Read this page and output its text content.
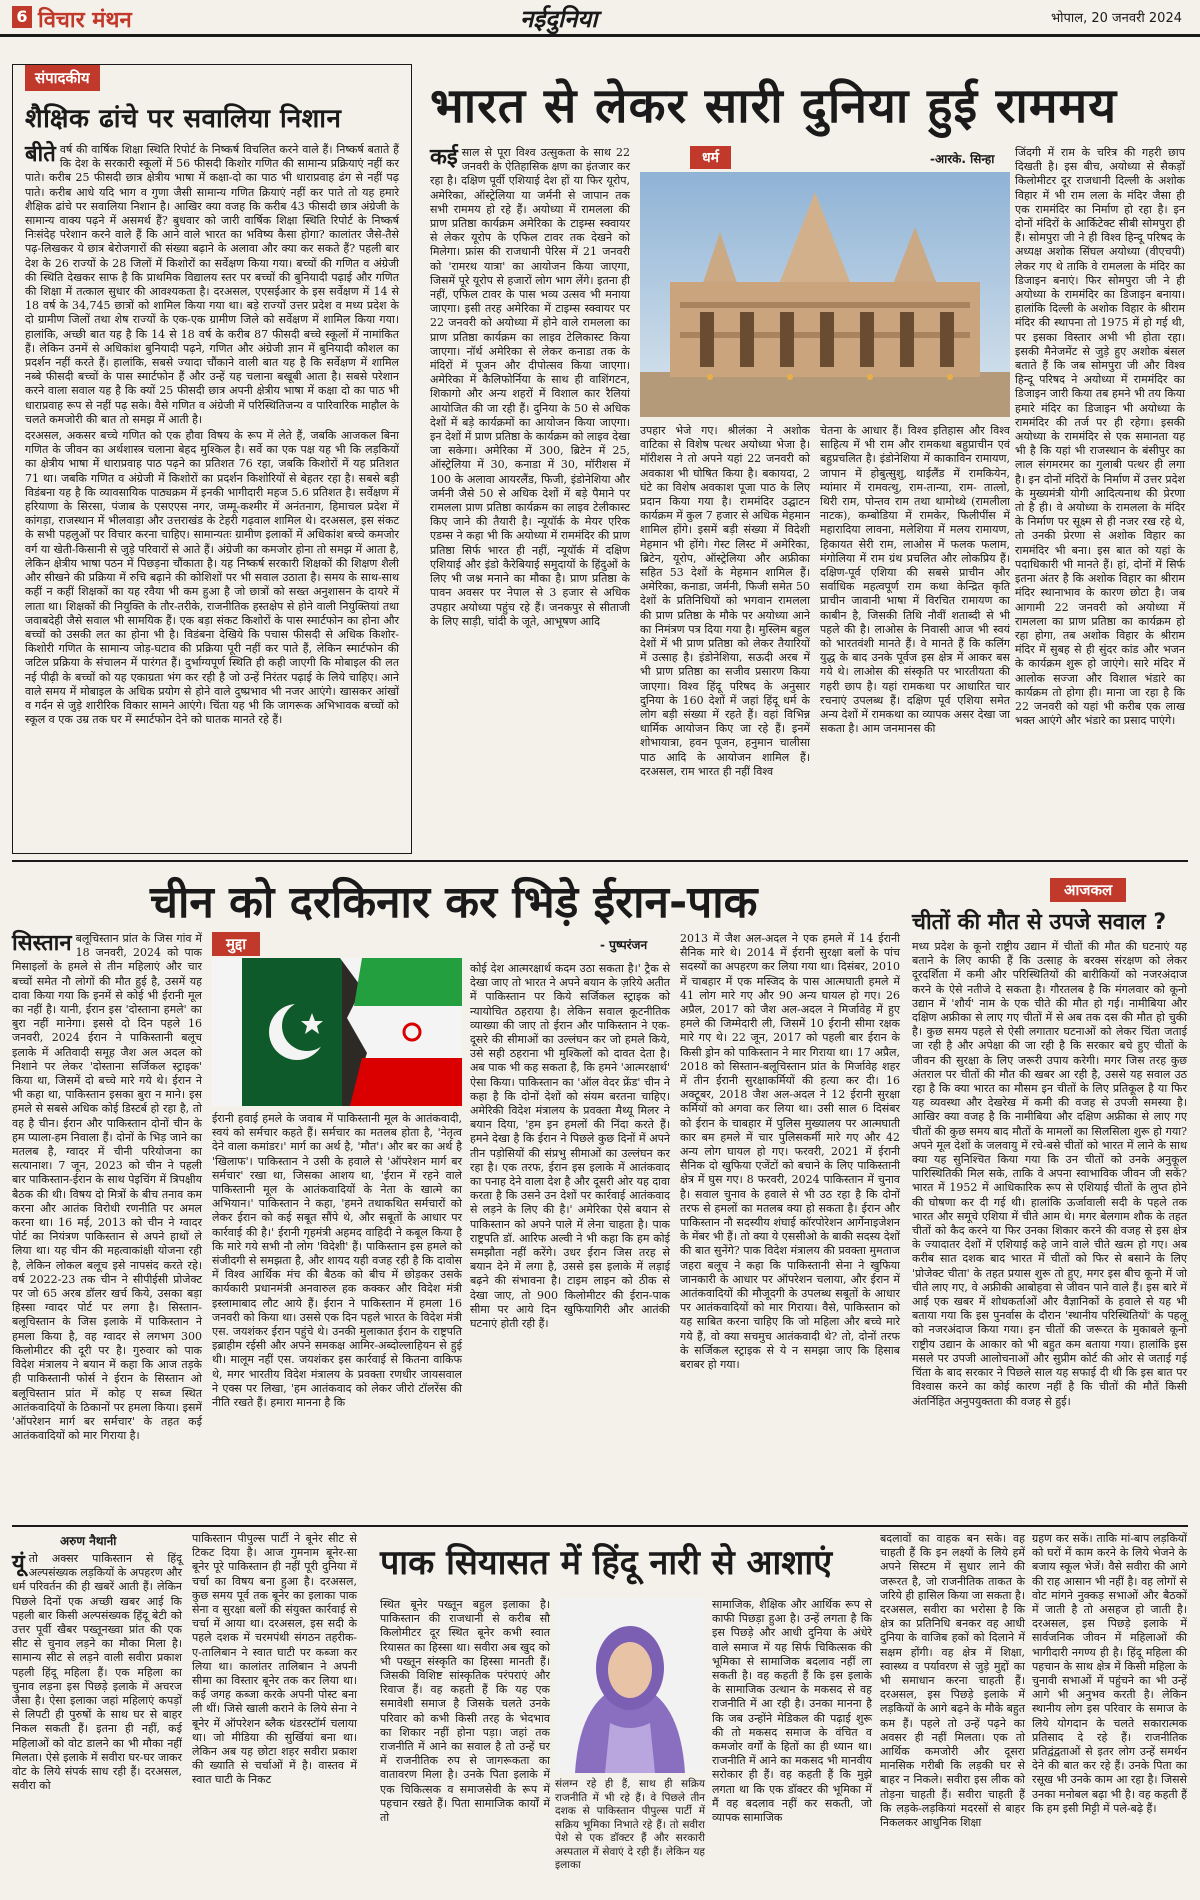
6 विचार मंथन	नईदुनिया	भोपाल, 20 जनवरी 2024
संपादकीय
शैक्षिक ढांचे पर सवालिया निशान
बीते वर्ष की वार्षिक शिक्षा स्थिति रिपोर्ट के निष्कर्ष विचलित करने वाले हैं। निष्कर्ष बताते हैं कि देश के सरकारी स्कूलों में 56 फीसदी किशोर गणित की सामान्य प्रक्रियाएं नहीं कर पाते। करीब 25 फीसदी छात्र क्षेत्रीय भाषा में कक्षा-दो का पाठ भी धाराप्रवाह ढंग से नहीं पढ़ पाते। करीब आधे यदि भाग व गुणा जैसी सामान्य गणित क्रियाएं नहीं कर पाते तो यह हमारे शैक्षिक ढांचे पर सवालिया निशान है। आखिर क्या वजह कि करीब 43 फीसदी छात्र अंग्रेजी के सामान्य वाक्य पढ़ने में असमर्थ हैं? बुधवार को जारी वार्षिक शिक्षा स्थिति रिपोर्ट के निष्कर्ष निःसंदेह परेशान करने वाले हैं कि आने वाले भारत का भविष्य कैसा होगा? कालांतर जैसे-तैसे पढ़-लिखकर ये छात्र बेरोजगारों की संख्या बढ़ाने के अलावा और क्या कर सकते हैं? पहली बार देश के 26 राज्यों के 28 जिलों में किशोरों का सर्वेक्षण किया गया। बच्चों की गणित व अंग्रेजी की स्थिति देखकर साफ है कि प्राथमिक विद्यालय स्तर पर बच्चों की बुनियादी पढ़ाई और गणित की शिक्षा में तत्काल सुधार की आवश्यकता है। दरअसल, एएसईआर के इस सर्वेक्षण में 14 से 18 वर्ष के 34,745 छात्रों को शामिल किया गया था। बड़े राज्यों उत्तर प्रदेश व मध्य प्रदेश के दो ग्रामीण जिलों तथा शेष राज्यों के एक-एक ग्रामीण जिले को सर्वेक्षण में शामिल किया गया। हालांकि, अच्छी बात यह है कि 14 से 18 वर्ष के करीब 87 फीसदी बच्चे स्कूलों में नामांकित हैं। लेकिन उनमें से अधिकांश बुनियादी पढ़ने, गणित और अंग्रेजी ज्ञान में बुनियादी कौशल का प्रदर्शन नहीं करते हैं। हालांकि, सबसे ज्यादा चौंकाने वाली बात यह है कि सर्वेक्षण में शामिल नब्बे फीसदी बच्चों के पास स्मार्टफोन हैं और उन्हें यह चलाना बखूबी आता है। सबसे परेशान करने वाला सवाल यह है कि क्यों 25 फीसदी छात्र अपनी क्षेत्रीय भाषा में कक्षा दो का पाठ भी धाराप्रवाह रूप से नहीं पढ़ सके। वैसे गणित व अंग्रेजी में परिस्थितिजन्य व पारिवारिक माहौल के चलते कमजोरी की बात तो समझ में आती है।

दरअसल, अकसर बच्चे गणित को एक हौवा विषय के रूप में लेते हैं, जबकि आजकल बिना गणित के जीवन का अर्थशास्त्र चलाना बेहद मुश्किल है। सर्वे का एक पक्ष यह भी कि लड़कियों का क्षेत्रीय भाषा में धाराप्रवाह पाठ पढ़ने का प्रतिशत 76 रहा, जबकि किशोरों में यह प्रतिशत 71 था। जबकि गणित व अंग्रेजी में किशोरों का प्रदर्शन किशोरियों से बेहतर रहा है। सबसे बड़ी विडंबना यह है कि व्यावसायिक पाठ्यक्रम में इनकी भागीदारी महज 5.6 प्रतिशत है। सर्वेक्षण में हरियाणा के सिरसा, पंजाब के एसएएस नगर, जम्मू-कश्मीर में अनंतनाग, हिमाचल प्रदेश में कांगड़ा, राजस्थान में भीलवाड़ा और उत्तराखंड के टेहरी गढ़वाल शामिल थे। दरअसल, इस संकट के सभी पहलुओं पर विचार करना चाहिए। सामान्यतः ग्रामीण इलाकों में अधिकांश बच्चे कमजोर वर्ग या खेती-किसानी से जुड़े परिवारों से आते हैं। अंग्रेजी का कमजोर होना तो समझ में आता है, लेकिन क्षेत्रीय भाषा पठन में पिछड़ना चौंकाता है। यह निष्कर्ष सरकारी शिक्षकों की शिक्षण शैली और सीखने की प्रक्रिया में रुचि बढ़ाने की कोशिशों पर भी सवाल उठाता है। समय के साथ-साथ कहीं न कहीं शिक्षकों का यह रवैया भी कम हुआ है जो छात्रों को सख्त अनुशासन के दायरे में लाता था। शिक्षकों की नियुक्ति के तौर-तरीके, राजनीतिक हस्तक्षेप से होने वाली नियुक्तियां तथा जवाबदेही जैसे सवाल भी सामयिक हैं। एक बड़ा संकट किशोरों के पास स्मार्टफोन का होना और बच्चों को उसकी लत का होना भी है। विडंबना देखिये कि पचास फीसदी से अधिक किशोर-किशोरी गणित के सामान्य जोड़-घटाव की प्रक्रिया पूरी नहीं कर पाते हैं, लेकिन स्मार्टफोन की जटिल प्रक्रिया के संचालन में पारंगत हैं। दुर्भाग्यपूर्ण स्थिति ही कही जाएगी कि मोबाइल की लत नई पीढ़ी के बच्चों को यह एकाग्रता भंग कर रही है जो उन्हें निरंतर पढ़ाई के लिये चाहिए। आने वाले समय में मोबाइल के अधिक प्रयोग से होने वाले दुष्प्रभाव भी नजर आएंगे। खासकर आंखों व गर्दन से जुड़े शारीरिक विकार सामने आएंगे। चिंता यह भी कि जागरूक अभिभावक बच्चों को स्कूल व एक उम्र तक घर में स्मार्टफोन देने को घातक मानते रहे हैं।

भारत से लेकर सारी दुनिया हुई राममय
धर्म	-आरके. सिन्हा
कई साल से पूरा विश्व उत्सुकता के साथ 22 जनवरी के ऐतिहासिक क्षण का इंतजार कर रहा है। दक्षिण पूर्वी एशियाई देश हों या फिर यूरोप, अमेरिका, ऑस्ट्रेलिया या जर्मनी से जापान तक सभी राममय हो रहे हैं। अयोध्या में रामलला की प्राण प्रतिष्ठा कार्यक्रम अमेरिका के टाइम्स स्क्वायर से लेकर यूरोप के एफिल टावर तक देखने को मिलेगा। फ्रांस की राजधानी पेरिस में 21 जनवरी को 'रामरथ यात्रा' का आयोजन किया जाएगा, जिसमें पूरे यूरोप से हजारों लोग भाग लेंगे। इतना ही नहीं, एफिल टावर के पास भव्य उत्सव भी मनाया जाएगा। इसी तरह अमेरिका में टाइम्स स्क्वायर पर 22 जनवरी को अयोध्या में होने वाले रामलला का प्राण प्रतिष्ठा कार्यक्रम का लाइव टेलिकास्ट किया जाएगा। नॉर्थ अमेरिका से लेकर कनाडा तक के मंदिरों में पूजन और दीपोत्सव किया जाएगा। अमेरिका में कैलिफोर्निया के साथ ही वाशिंगटन, शिकागो और अन्य शहरों में विशाल कार रैलियां आयोजित की जा रही हैं। दुनिया के 50 से अधिक देशों में बड़े कार्यक्रमों का आयोजन किया जाएगा। इन देशों में प्राण प्रतिष्ठा के कार्यक्रम को लाइव देखा जा सकेगा। अमेरिका में 300, ब्रिटेन में 25, ऑस्ट्रेलिया में 30, कनाडा में 30, मॉरीशस में 100 के अलावा आयरलैंड, फिजी, इंडोनेशिया और जर्मनी जैसे 50 से अधिक देशों में बड़े पैमाने पर रामलला प्राण प्रतिष्ठा कार्यक्रम का लाइव टेलीकास्ट किए जाने की तैयारी है। न्यूयॉर्क के मेयर एरिक एडम्स ने कहा भी कि अयोध्या में राममंदिर की प्राण प्रतिष्ठा सिर्फ भारत ही नहीं, न्यूयॉर्क में दक्षिण एशियाई और इंडो कैरेबियाई समुदायों के हिंदुओं के लिए भी जश्न मनाने का मौका है। प्राण प्रतिष्ठा के पावन अवसर पर नेपाल से 3 हजार से अधिक उपहार अयोध्या पहुंच रहे हैं। जनकपुर से सीताजी के लिए साड़ी, चांदी के जूते, आभूषण आदि
उपहार भेजे गए। श्रीलंका ने अशोक वाटिका से विशेष पत्थर अयोध्या भेजा है। मॉरीशस ने तो अपने यहां 22 जनवरी को अवकाश भी घोषित किया है। बकायदा, 2 घंटे का विशेष अवकाश पूजा पाठ के लिए प्रदान किया गया है। राममंदिर उद्घाटन कार्यक्रम में कुल 7 हजार से अधिक मेहमान शामिल होंगे। इसमें बड़ी संख्या में विदेशी मेहमान भी होंगे। गेस्ट लिस्ट में अमेरिका, ब्रिटेन, यूरोप, ऑस्ट्रेलिया और अफ्रीका सहित 53 देशों के मेहमान शामिल हैं। अमेरिका, कनाडा, जर्मनी, फिजी समेत 50 देशों के प्रतिनिधियों को भगवान रामलला की प्राण प्रतिष्ठा के मौके पर अयोध्या आने का निमंत्रण पत्र दिया गया है। मुस्लिम बहुल देशों में भी प्राण प्रतिष्ठा को लेकर तैयारियों में उत्साह है। इंडोनेशिया, सऊदी अरब में भी प्राण प्रतिष्ठा का सजीव प्रसारण किया जाएगा। विश्व हिंदू परिषद के अनुसार दुनिया के 160 देशों में जहां हिंदू धर्म के लोग बड़ी संख्या में रहते हैं। वहां विभिन्न धार्मिक आयोजन किए जा रहे हैं। इनमें शोभायात्रा, हवन पूजन, हनुमान चालीसा पाठ आदि के आयोजन शामिल हैं। दरअसल, राम भारत ही नहीं विश्व
चेतना के आधार हैं। विश्व इतिहास और विश्व साहित्य में भी राम और रामकथा बहुप्राचीन एवं बहुप्रचलित है। इंडोनेशिया में काकाविन रामायण, जापान में होबुत्सुशु, थाईलैंड में रामकियेन, म्यांमार में रामवत्थु, राम-तान्या, राम- तात्लो, थिरी राम, पोन्तव राम तथा थामोथ्थे (रामलीला नाटक), कम्बोडिया में रामकेर, फिलीपींस में महारादिया लावना, मलेशिया में मलय रामायण, हिकायत सेरी राम, लाओस में फलक फलाम, मंगोलिया में राम ग्रंथ प्रचलित और लोकप्रिय हैं। दक्षिण-पूर्व एशिया की सबसे प्राचीन और सर्वाधिक महत्वपूर्ण राम कथा केन्द्रित कृति प्राचीन जावानी भाषा में विरचित रामायण का काबीन है, जिसकी तिथि नौवीं शताब्दी से भी पहले की है। लाओस के निवासी आज भी स्वयं को भारतवंशी मानते हैं। वे मानते हैं कि कलिंग युद्ध के बाद उनके पूर्वज इस क्षेत्र में आकर बस गये थे। लाओस की संस्कृति पर भारतीयता की गहरी छाप है। यहां रामकथा पर आधारित चार रचनाएं उपलब्ध हैं। दक्षिण पूर्व एशिया समेत अन्य देशों में रामकथा का व्यापक असर देखा जा सकता है। आम जनमानस की
जिंदगी में राम के चरित्र की गहरी छाप दिखती है। इस बीच, अयोध्या से सैकड़ों किलोमीटर दूर राजधानी दिल्ली के अशोक विहार में भी राम लला के मंदिर जैसा ही एक राममंदिर का निर्माण हो रहा है। इन दोनों मंदिरों के आर्किटेक्ट सीबी सोमपुरा ही हैं। सोमपुरा जी ने ही विश्व हिन्दू परिषद के अध्यक्ष अशोक सिंघल अयोध्या (वीएचपी) लेकर गए थे ताकि वे रामलला के मंदिर का डिजाइन बनाएं। फिर सोमपुरा जी ने ही अयोध्या के राममंदिर का डिजाइन बनाया। हालांकि दिल्ली के अशोक विहार के श्रीराम मंदिर की स्थापना तो 1975 में हो गई थी, पर इसका विस्तार अभी भी होता रहा। इसकी मैनेजमेंट से जुड़े हुए अशोक बंसल बताते हैं कि जब सोमपुरा जी और विश्व हिन्दू परिषद ने अयोध्या में राममंदिर का डिजाइन जारी किया तब हमने भी तय किया हमारे मंदिर का डिजाइन भी अयोध्या के राममंदिर की तर्ज पर ही रहेगा। इसकी अयोध्या के राममंदिर से एक समानता यह भी है कि यहां भी राजस्थान के बंसीपुर का लाल संगमरमर का गुलाबी पत्थर ही लगा है। इन दोनों मंदिरों के निर्माण में उत्तर प्रदेश के मुख्यमंत्री योगी आदित्यनाथ की प्रेरणा तो है ही। वे अयोध्या के रामलला के मंदिर के निर्माण पर सूक्ष्म से ही नजर रख रहे थे, तो उनकी प्रेरणा से अशोक विहार का राममंदिर भी बना। इस बात को यहां के पदाधिकारी भी मानते हैं। हां, दोनों में सिर्फ इतना अंतर है कि अशोक विहार का श्रीराम मंदिर स्थानाभाव के कारण छोटा है। जब आगामी 22 जनवरी को अयोध्या में रामलला का प्राण प्रतिष्ठा का कार्यक्रम हो रहा होगा, तब अशोक विहार के श्रीराम मंदिर में सुबह से ही सुंदर कांड और भजन के कार्यक्रम शुरू हो जाएंगे। सारे मंदिर में आलोक सज्जा और विशाल भंडारे का कार्यक्रम तो होगा ही। माना जा रहा है कि 22 जनवरी को यहां भी करीब एक लाख भक्त आएंगे और भंडारे का प्रसाद पाएंगे।
चीन को दरकिनार कर भिड़े ईरान-पाक
सिस्तान बलूचिस्तान प्रांत के जिस गांव में 18 जनवरी, 2024 को पाक मिसाइलों के हमले से तीन महिलाएं और चार बच्चों समेत नौ लोगों की मौत हुई है, उसमें यह दावा किया गया कि इनमें से कोई भी ईरानी मूल का नहीं है। यानी, ईरान इस 'दोस्ताना हमले' का बुरा नहीं मानेगा। इससे दो दिन पहले 16 जनवरी, 2024 ईरान ने पाकिस्तानी बलूच इलाके में अतिवादी समूह जैश अल अदल को निशाने पर लेकर 'दोस्ताना सर्जिकल स्ट्राइक' किया था, जिसमें दो बच्चे मारे गये थे। ईरान ने भी कहा था, पाकिस्तान इसका बुरा न माने। इस हमले से सबसे अधिक कोई डिस्टर्ब हो रहा है, तो वह है चीन। ईरान और पाकिस्तान दोनों चीन के हम प्याला-हम निवाला हैं। दोनों के भिड़ जाने का मतलब है, ग्वादर में चीनी परियोजना का सत्यानाश। 7 जून, 2023 को चीन ने पहली बार पाकिस्तान-ईरान के साथ पेइचिंग में त्रिपक्षीय बैठक की थी। विषय दो मित्रों के बीच तनाव कम करना और आतंक विरोधी रणनीति पर अमल करना था। 16 मई, 2013 को चीन ने ग्वादर पोर्ट का नियंत्रण पाकिस्तान से अपने हाथों ले लिया था। यह चीन की महत्वाकांक्षी योजना रही है, लेकिन लोकल बलूच इसे नापसंद करते रहे। वर्ष 2022-23 तक चीन ने सीपीईसी प्रोजेक्ट पर जो 65 अरब डॉलर खर्च किये, उसका बड़ा हिस्सा ग्वादर पोर्ट पर लगा है। सिस्तान-बलूचिस्तान के जिस इलाके में पाकिस्तान ने हमला किया है, वह ग्वादर से लगभग 300 किलोमीटर की दूरी पर है। गुरुवार को पाक विदेश मंत्रालय ने बयान में कहा कि आज तड़के ही पाकिस्तानी फोर्स ने ईरान के सिस्तान ओ बलूचिस्तान प्रांत में कोह ए सब्ज स्थित आतंकवादियों के ठिकानों पर हमला किया। इसमें 'ऑपरेशन मार्ग बर सर्मचार' के तहत कई आतंकवादियों को मार गिराया है।
मुद्दा	- पुष्परंजन
ईरानी हवाई हमले के जवाब में पाकिस्तानी मूल के आतंकवादी, स्वयं को सर्मचार कहते हैं। सर्मचार का मतलब होता है, 'नेतृत्व देने वाला कमांडर।' मार्ग का अर्थ है, 'मौत'। और बर का अर्थ है 'खिलाफ'। पाकिस्तान ने उसी के हवाले से 'ऑपरेशन मार्ग बर सर्मचार' रखा था, जिसका आशय था, 'ईरान में रहने वाले पाकिस्तानी मूल के आतंकवादियों के नेता के खात्मे का अभियान।' पाकिस्तान ने कहा, 'हमने तथाकथित सर्मचारों को लेकर ईरान को कई सबूत सौंपे थे, और सबूतों के आधार पर कार्रवाई की है।' ईरानी गृहमंत्री अहमद वाहिदी ने कबूल किया है कि मारे गये सभी नौ लोग 'विदेशी' हैं। पाकिस्तान इस हमले को संजीदगी से समझता है, और शायद यही वजह रही है कि दावोस में विश्व आर्थिक मंच की बैठक को बीच में छोड़कर उसके कार्यकारी प्रधानमंत्री अनवारुल हक कक्कर और विदेश मंत्री इस्लामाबाद लौट आये हैं। ईरान ने पाकिस्तान में हमला 16 जनवरी को किया था। उससे एक दिन पहले भारत के विदेश मंत्री एस. जयशंकर ईरान पहुंचे थे। उनकी मुलाकात ईरान के राष्ट्रपति इब्राहीम रईसी और अपने समकक्ष आमिर-अब्दोल्लाहियन से हुई थी। मालूम नहीं एस. जयशंकर इस कार्रवाई से कितना वाकिफ थे, मगर भारतीय विदेश मंत्रालय के प्रवक्ता रणधीर जायसवाल ने एक्स पर लिखा, 'हम आतंकवाद को लेकर जीरो टॉलरेंस की नीति रखते हैं। हमारा मानना है कि
कोई देश आत्मरक्षार्थ कदम उठा सकता है।' ट्रैक से देखा जाए तो भारत ने अपने बयान के ज़रिये अतीत में पाकिस्तान पर किये सर्जिकल स्ट्राइक को न्यायोचित ठहराया है। लेकिन सवाल कूटनीतिक व्याख्या की जाए तो ईरान और पाकिस्तान ने एक-दूसरे की सीमाओं का उल्लंघन कर जो हमले किये, उसे सही ठहराना भी मुश्किलों को दावत देता है। अब पाक भी कह सकता है, कि हमने 'आत्मरक्षार्थ' ऐसा किया। पाकिस्तान का 'ऑल वेदर फ्रेंड' चीन ने कहा है कि दोनों देशों को संयम बरतना चाहिए। अमेरिकी विदेश मंत्रालय के प्रवक्ता मैथ्यू मिलर ने बयान दिया, 'हम इन हमलों की निंदा करते हैं। हमने देखा है कि ईरान ने पिछले कुछ दिनों में अपने तीन पड़ोसियों की संप्रभु सीमाओं का उल्लंघन कर रहा है। एक तरफ, ईरान इस इलाके में आतंकवाद का पनाह देने वाला देश है और दूसरी ओर यह दावा करता है कि उसने उन देशों पर कार्रवाई आतंकवाद से लड़ने के लिए की है।' अमेरिका ऐसे बयान से पाकिस्तान को अपने पाले में लेना चाहता है। पाक राष्ट्रपति डॉ. आरिफ अल्वी ने भी कहा कि हम कोई समझौता नहीं करेंगे। उधर ईरान जिस तरह से बयान देने में लगा है, उससे इस इलाके में लड़ाई बढ़ने की संभावना है। टाइम लाइन को ठीक से देखा जाए, तो 900 किलोमीटर की ईरान-पाक सीमा पर आये दिन खुफियागिरी और आतंकी घटनाएं होती रही हैं।
2013 में जैश अल-अदल ने एक हमले में 14 ईरानी सैनिक मारे थे। 2014 में ईरानी सुरक्षा बलों के पांच सदस्यों का अपहरण कर लिया गया था। दिसंबर, 2010 में चाबहार में एक मस्जिद के पास आत्मघाती हमले में 41 लोग मारे गए और 90 अन्य घायल हो गए। 26 अप्रैल, 2017 को जैश अल-अदल ने मिर्जावेह में हुए हमले की जिम्मेदारी ली, जिसमें 10 ईरानी सीमा रक्षक मारे गए थे। 22 जून, 2017 को पहली बार ईरान के किसी ड्रोन को पाकिस्तान ने मार गिराया था। 17 अप्रैल, 2018 को सिस्तान-बलूचिस्तान प्रांत के मिर्जावेह शहर में तीन ईरानी सुरक्षाकर्मियों की हत्या कर दी। 16 अक्टूबर, 2018 जैश अल-अदल ने 12 ईरानी सुरक्षा कर्मियों को अगवा कर लिया था। उसी साल 6 दिसंबर को ईरान के चाबहार में पुलिस मुख्यालय पर आत्मघाती कार बम हमले में चार पुलिसकर्मी मारे गए और 42 अन्य लोग घायल हो गए। फरवरी, 2021 में ईरानी सैनिक दो खुफिया एजेंटों को बचाने के लिए पाकिस्तानी क्षेत्र में घुस गए। 8 फरवरी, 2024 पाकिस्तान में चुनाव है। सवाल चुनाव के हवाले से भी उठ रहा है कि दोनों तरफ से हमलों का मतलब क्या हो सकता है। ईरान और पाकिस्तान नौ सदस्यीय शंघाई कॉरपोरेशन आर्गेनाइजेशन के मेंबर भी हैं। तो क्या ये एससीओ के बाकी सदस्य देशों की बात सुनेंगे? पाक विदेश मंत्रालय की प्रवक्ता मुमताज जहरा बलूच ने कहा कि पाकिस्तानी सेना ने खुफिया जानकारी के आधार पर ऑपरेशन चलाया, और ईरान में आतंकवादियों की मौजूदगी के उपलब्ध सबूतों के आधार पर आतंकवादियों को मार गिराया। वैसे, पाकिस्तान को यह साबित करना चाहिए कि जो महिला और बच्चे मारे गये हैं, वो क्या सचमुच आतंकवादी थे? तो, दोनों तरफ के सर्जिकल स्ट्राइक से ये न समझा जाए कि हिसाब बराबर हो गया।
आजकल
चीतों की मौत से उपजे सवाल ?
मध्य प्रदेश के कूनो राष्ट्रीय उद्यान में चीतों की मौत की घटनाएं यह बताने के लिए काफी हैं कि उत्साह के बरक्स संरक्षण को लेकर दूरदर्शिता में कमी और परिस्थितियों की बारीकियों को नजरअंदाज करने के ऐसे नतीजे दे सकता है। गौरतलब है कि मंगलवार को कूनो उद्यान में 'शौर्य' नाम के एक चीते की मौत हो गई। नामीबिया और दक्षिण अफ्रीका से लाए गए चीतों में से अब तक दस की मौत हो चुकी है। कुछ समय पहले से ऐसी लगातार घटनाओं को लेकर चिंता जताई जा रही है और अपेक्षा की जा रही है कि सरकार बचे हुए चीतों के जीवन की सुरक्षा के लिए जरूरी उपाय करेगी। मगर जिस तरह कुछ अंतराल पर चीतों की मौत की खबर आ रही है, उससे यह सवाल उठ रहा है कि क्या भारत का मौसम इन चीतों के लिए प्रतिकूल है या फिर यह व्यवस्था और देखरेख में कमी की वजह से उपजी समस्या है। आखिर क्या वजह है कि नामीबिया और दक्षिण अफ्रीका से लाए गए चीतों की कुछ समय बाद मौतों के मामलों का सिलसिला शुरू हो गया? अपने मूल देशों के जलवायु में रचे-बसे चीतों को भारत में लाने के साथ क्या यह सुनिश्चित किया गया कि उन चीतों को उनके अनुकूल पारिस्थितिकी मिल सके, ताकि वे अपना स्वाभाविक जीवन जी सकें? भारत में 1952 में आधिकारिक रूप से एशियाई चीतों के लुप्त होने की घोषणा कर दी गई थी। हालांकि ऊर्जावाली सदी के पहले तक भारत और समूचे एशिया में चीते आम थे। मगर बेलगाम शौक के तहत चीतों को कैद करने या फिर उनका शिकार करने की वजह से इस क्षेत्र के ज्यादातर देशों में एशियाई कहे जाने वाले चीते खत्म हो गए। अब करीब सात दशक बाद भारत में चीतों को फिर से बसाने के लिए 'प्रोजेक्ट चीता' के तहत प्रयास शुरू तो हुए, मगर इस बीच कूनो में जो चीते लाए गए, वे अफ्रीकी आबोहवा से जीवन पाने वाले हैं। इस बारे में आई एक खबर में शोधकर्ताओं और वैज्ञानिकों के हवाले से यह भी बताया गया कि इस पुनर्वास के दौरान 'स्थानीय परिस्थितियों' के पहलू को नजरअंदाज किया गया। इन चीतों की जरूरत के मुकाबले कूनो राष्ट्रीय उद्यान के आकार को भी बहुत कम बताया गया। हालांकि इस मसले पर उपजी आलोचनाओं और सुप्रीम कोर्ट की ओर से जताई गई चिंता के बाद सरकार ने पिछले साल यह सफाई दी थी कि इस बात पर विश्वास करने का कोई कारण नहीं है कि चीतों की मौतें किसी अंतर्निहित अनुपयुक्तता की वजह से हुई।
अरुण नैथानी
यूं तो अक्सर पाकिस्तान से हिंदू अल्पसंख्यक लड़कियों के अपहरण और धर्म परिवर्तन की ही खबरें आती हैं। लेकिन पिछले दिनों एक अच्छी खबर आई कि पहली बार किसी अल्पसंख्यक हिंदू बेटी को उत्तर पूर्वी खैबर पख्तूनख्वा प्रांत की एक सीट से चुनाव लड़ने का मौका मिला है। सामान्य सीट से लड़ने वाली सवीरा प्रकाश पहली हिंदू महिला हैं। एक महिला का चुनाव लड़ना इस पिछड़े इलाके में अचरज जैसा है। ऐसा इलाका जहां महिलाएं कपड़ों से लिपटी ही पुरुषों के साथ घर से बाहर निकल सकती हैं। इतना ही नहीं, कई महिलाओं को वोट डालने का भी मौका नहीं मिलता। ऐसे इलाके में सवीरा घर-घर जाकर वोट के लिये संपर्क साध रही हैं। दरअसल, सवीरा को
पाकिस्तान पीपुल्स पार्टी ने बूनेर सीट से टिकट दिया है। आज गुमनाम बूनेर-सा बूनेर पूरे पाकिस्तान ही नहीं पूरी दुनिया में चर्चा का विषय बना हुआ है। दरअसल, कुछ समय पूर्व तक बूनेर का इलाका पाक सेना व सुरक्षा बलों की संयुक्त कार्रवाई से चर्चा में आया था। दरअसल, इस सदी के पहले दशक में चरमपंथी संगठन तहरीक-ए-तालिबान ने स्वात घाटी पर कब्जा कर लिया था। कालांतर तालिबान ने अपनी सीमा का विस्तार बूनेर तक कर लिया था। कई जगह कब्जा करके अपनी पोस्ट बना ली थीं। जिसे खाली कराने के लिये सेना ने बूनेर में ऑपरेशन ब्लैक थंडरस्टॉर्म चलाया था। जो मीडिया की सुर्खियां बना था। लेकिन अब यह छोटा शहर सवीरा प्रकाश की ख्याति से चर्चाओं में है। वास्तव में स्वात घाटी के निकट
पाक सियासत में हिंदू नारी से आशाएं
स्थित बूनेर पख्तून बहुल इलाका है। पाकिस्तान की राजधानी से करीब सौ किलोमीटर दूर स्थित बूनेर कभी स्वात रियासत का हिस्सा था। सवीरा अब खुद को भी पख्तून संस्कृति का हिस्सा मानती हैं। जिसकी विशिष्ट सांस्कृतिक परंपराएं और रिवाज हैं। वह कहती हैं कि यह एक समावेशी समाज है जिसके चलते उनके परिवार को कभी किसी तरह के भेदभाव का शिकार नहीं होना पड़ा। जहां तक राजनीति में आने का सवाल है तो उन्हें घर में राजनीतिक रुप से जागरूकता का वातावरण मिला है। उनके पिता इलाके में एक चिकित्सक व समाजसेवी के रूप में पहचान रखते हैं। पिता सामाजिक कार्यों में तो
संलग्न रहे ही हैं, साथ ही सक्रिय राजनीति में भी रहे हैं। वे पिछले तीन दशक से पाकिस्तान पीपुल्स पार्टी में सक्रिय भूमिका निभाते रहे हैं। तो सवीरा पेशे से एक डॉक्टर हैं और सरकारी अस्पताल में सेवाएं दे रही हैं। लेकिन यह इलाका
सामाजिक, शैक्षिक और आर्थिक रूप से काफी पिछड़ा हुआ है। उन्हें लगता है कि इस पिछड़े और आधी दुनिया के अंधेरे वाले समाज में यह सिर्फ चिकित्सक की भूमिका से सामाजिक बदलाव नहीं ला सकती है। वह कहती हैं कि इस इलाके के सामाजिक उत्थान के मकसद से वह राजनीति में आ रही है। उनका मानना है कि जब उन्होंने मेडिकल की पढ़ाई शुरू की तो मकसद समाज के वंचित व कमजोर वर्गों के हितों का ही ध्यान था। राजनीति में आने का मकसद भी मानवीय सरोकार ही हैं। वह कहती हैं कि मुझे लगता था कि एक डॉक्टर की भूमिका में मैं वह बदलाव नहीं कर सकती, जो व्यापक सामाजिक
बदलावों का वाहक बन सके। वह चाहती हैं कि इन लक्ष्यों के लिये हमें अपने सिस्टम में सुधार लाने की जरूरत है, जो राजनीतिक ताकत के जरिये ही हासिल किया जा सकता है। दरअसल, सवीरा का भरोसा है कि क्षेत्र का प्रतिनिधि बनकर वह आधी दुनिया के वाजिब हकों को दिलाने में सक्षम होंगी। वह क्षेत्र में शिक्षा, स्वास्थ्य व पर्यावरण से जुड़े मुद्दों का भी समाधान करना चाहती हैं। दरअसल, इस पिछड़े इलाके में लड़कियों के आगे बढ़ने के मौके बहुत कम हैं। पहले तो उन्हें पढ़ने का अवसर ही नहीं मिलता। एक तो आर्थिक कमजोरी और दूसरा मानसिक गरीबी कि लड़की घर से बाहर न निकले। सवीरा इस लीक को तोड़ना चाहती हैं। सवीरा चाहती हैं कि लड़के-लड़कियां मदरसों से बाहर निकलकर आधुनिक शिक्षा
ग्रहण कर सकें। ताकि मां-बाप लड़कियों को घरों में काम करने के लिये भेजने के बजाय स्कूल भेजें। वैसे सवीरा की आगे की राह आसान भी नहीं है। वह लोगों से वोट मांगने नुक्कड़ सभाओं और बैठकों में जाती है तो असहज हो जाती है। दरअसल, इस पिछड़े इलाके में सार्वजनिक जीवन में महिलाओं की भागीदारी नगण्य ही है। हिंदू महिला की पहचान के साथ क्षेत्र में किसी महिला के चुनावी सभाओं में पहुंचने का भी उन्हें आगे भी अनुभव करती है। लेकिन स्थानीय लोग इस परिवार के समाज के लिये योगदान के चलते सकारात्मक प्रतिसाद दे रहे हैं। राजनीतिक प्रतिद्वंद्वताओं से इतर लोग उन्हें समर्थन देने की बात कर रहे हैं। उनके पिता का रसूख भी उनके काम आ रहा है। जिससे उनका मनोबल बढ़ा भी है। वह कहती हैं कि हम इसी मिट्टी में पले-बढ़े हैं।
